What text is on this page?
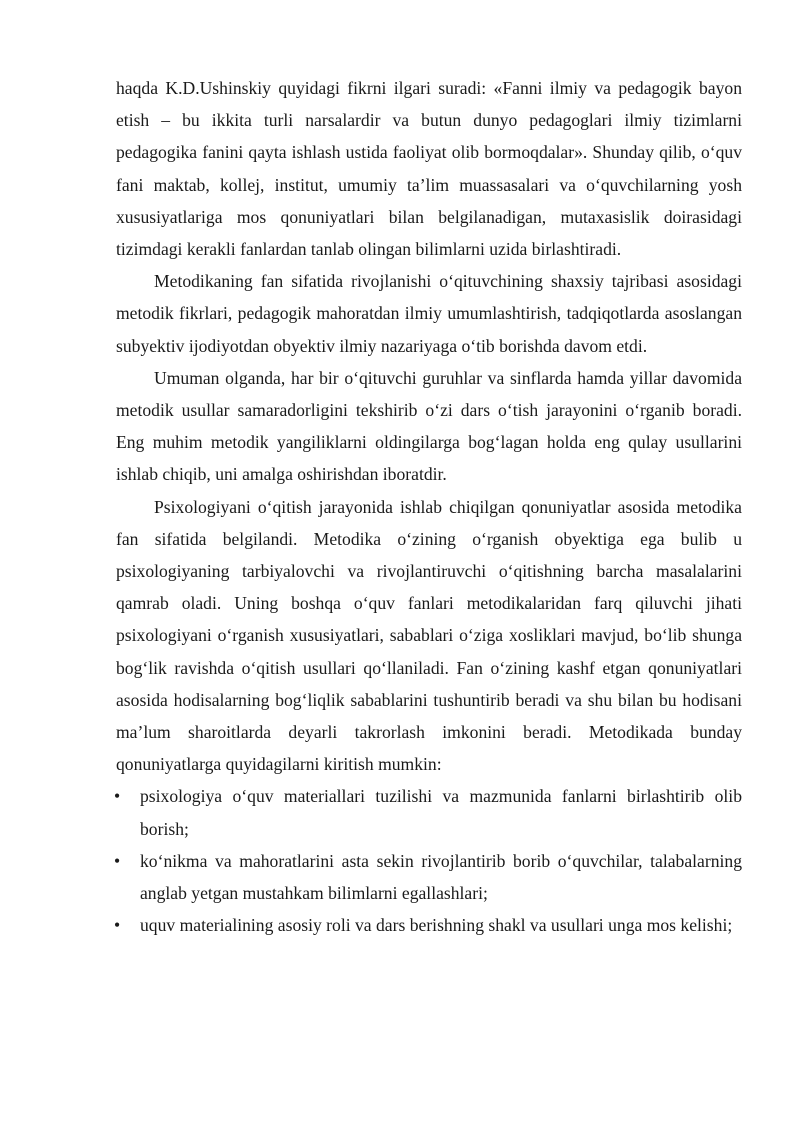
haqda K.D.Ushinskiy quyidagi fikrni ilgari suradi: «Fanni ilmiy va pedagogik bayon etish – bu ikkita turli narsalardir va butun dunyo pedagoglari ilmiy tizimlarni pedagogika fanini qayta ishlash ustida faoliyat olib bormoqdalar». Shunday qilib, o‘quv fani maktab, kollej, institut, umumiy ta’lim muassasalari va o‘quvchilarning yosh xususiyatlariga mos qonuniyatlari bilan belgilanadigan, mutaxasislik doirasidagi tizimdagi kerakli fanlardan tanlab olingan bilimlarni uzida birlashtiradi.

Metodikaning fan sifatida rivojlanishi o‘qituvchining shaxsiy tajribasi asosidagi metodik fikrlari, pedagogik mahoratdan ilmiy umumlashtirish, tadqiqotlarda asoslangan subyektiv ijodiyotdan obyektiv ilmiy nazariyaga o‘tib borishda davom etdi.

Umuman olganda, har bir o‘qituvchi guruhlar va sinflarda hamda yillar davomida metodik usullar samaradorligini tekshirib o‘zi dars o‘tish jarayonini o‘rganib boradi. Eng muhim metodik yangiliklarni oldingilarga bog‘lagan holda eng qulay usullarini ishlab chiqib, uni amalga oshirishdan iboratdir.

Psixologiyani o‘qitish jarayonida ishlab chiqilgan qonuniyatlar asosida metodika fan sifatida belgilandi. Metodika o‘zining o‘rganish obyektiga ega bulib u psixologiyaning tarbiyalovchi va rivojlantiruvchi o‘qitishning barcha masalalarini qamrab oladi. Uning boshqa o‘quv fanlari metodikalaridan farq qiluvchi jihati psixologiyani o‘rganish xususiyatlari, sabablari o‘ziga xosliklari mavjud, bo‘lib shunga bog‘lik ravishda o‘qitish usullari qo‘llaniladi. Fan o‘zining kashf etgan qonuniyatlari asosida hodisalarning bog‘liqlik sabablarini tushuntirib beradi va shu bilan bu hodisani ma’lum sharoitlarda deyarli takrorlash imkonini beradi. Metodikada bunday qonuniyatlarga quyidagilarni kiritish mumkin:

•	psixologiya o‘quv materiallari tuzilishi va mazmunida fanlarni birlashtirib olib borish;
•	ko‘nikma va mahoratlarini asta sekin rivojlantirib borib o‘quvchilar, talabalarning anglab yetgan mustahkam bilimlarni egallashlari;
•	uquv materialining asosiy roli va dars berishning shakl va usullari unga mos kelishi;
